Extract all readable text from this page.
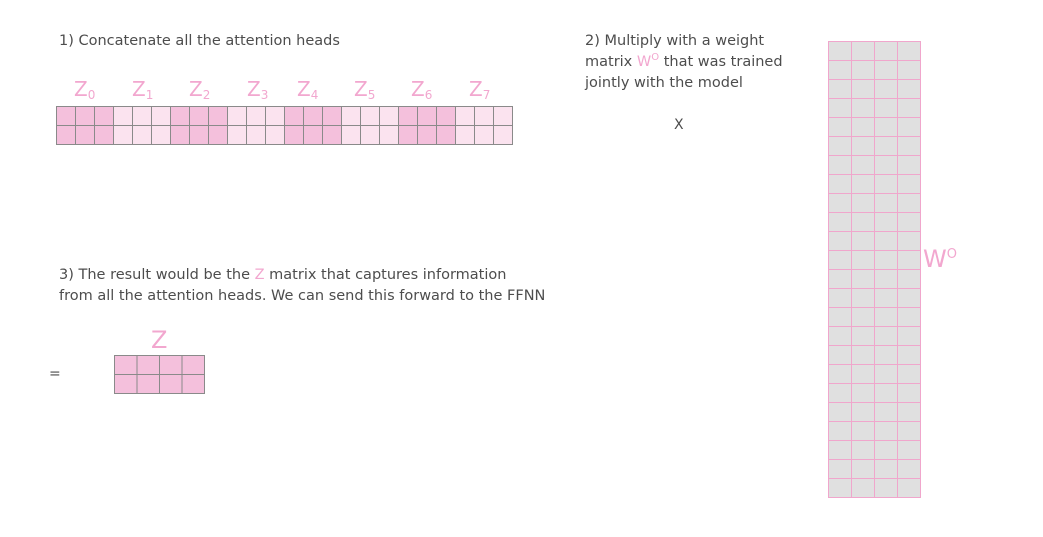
1) Concatenate all the attention heads	2) Multiply with a weight
matrix $W^O$ that was trained
jointly with the model
X
3) The result would be the Z matrix that captures information
from all the attention heads. We can send this forward to the FFNN
=
$Z_0$ $Z_1$ $Z_2$ $Z_3$ $Z_4$ $Z_5$ $Z_6$ $Z_7$
Z
$W^O$
